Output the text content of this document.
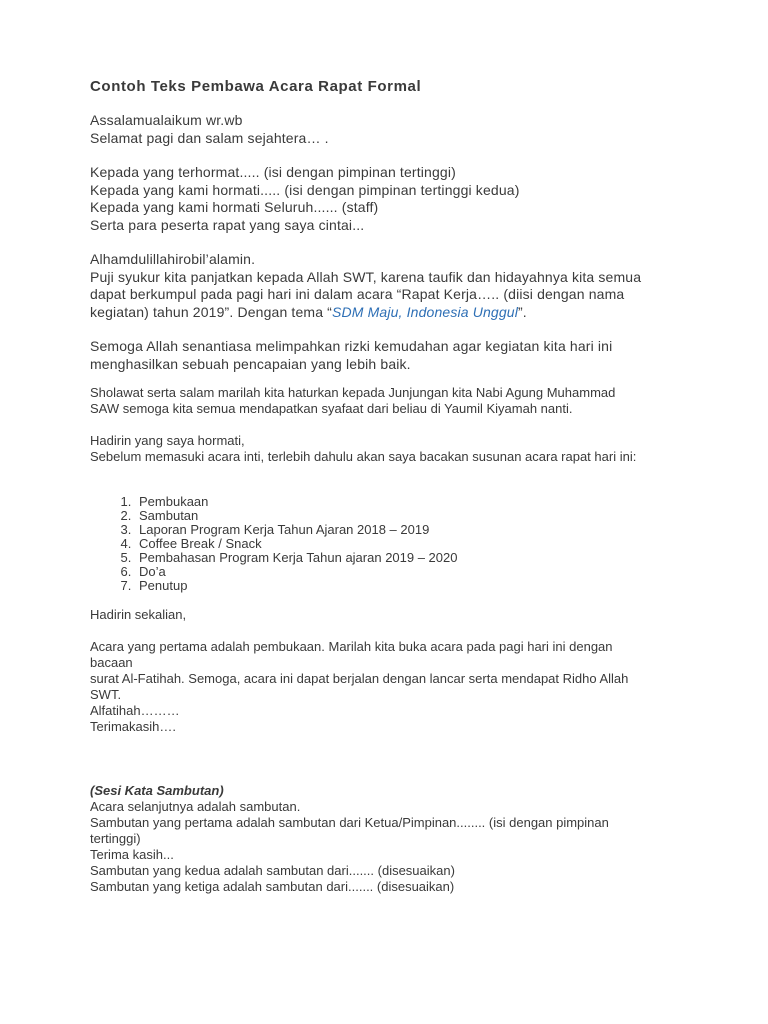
Contoh Teks Pembawa Acara Rapat Formal

Assalamualaikum wr.wb

Selamat pagi dan salam sejahtera… .

Kepada yang terhormat..... (isi dengan pimpinan tertinggi)

Kepada yang kami hormati..... (isi dengan pimpinan tertinggi kedua)

Kepada yang kami hormati Seluruh...... (staff)

Serta para peserta rapat yang saya cintai...

Alhamdulillahirobil’alamin.

Puji syukur kita panjatkan kepada Allah SWT, karena taufik dan hidayahnya kita semua

dapat berkumpul pada pagi hari ini dalam acara “Rapat Kerja….. (diisi dengan nama

kegiatan) tahun 2019”. Dengan tema “SDM Maju, Indonesia Unggul”.

Semoga Allah senantiasa melimpahkan rizki kemudahan agar kegiatan kita hari ini

menghasilkan sebuah pencapaian yang lebih baik.

Sholawat serta salam marilah kita haturkan kepada Junjungan kita Nabi Agung Muhammad

SAW semoga kita semua mendapatkan syafaat dari beliau di Yaumil Kiyamah nanti.

Hadirin yang saya hormati,

Sebelum memasuki acara inti, terlebih dahulu akan saya bacakan susunan acara rapat hari ini:

1. Pembukaan
2. Sambutan
3. Laporan Program Kerja Tahun Ajaran 2018 – 2019
4. Coffee Break / Snack
5. Pembahasan Program Kerja Tahun ajaran 2019 – 2020
6. Do’a
7. Penutup

Hadirin sekalian,

Acara yang pertama adalah pembukaan. Marilah kita buka acara pada pagi hari ini dengan

bacaan

surat Al-Fatihah. Semoga, acara ini dapat berjalan dengan lancar serta mendapat Ridho Allah

SWT.

Alfatihah………

Terimakasih….

(Sesi Kata Sambutan)

Acara selanjutnya adalah sambutan.

Sambutan yang pertama adalah sambutan dari Ketua/Pimpinan........ (isi dengan pimpinan

tertinggi)

Terima kasih...

Sambutan yang kedua adalah sambutan dari....... (disesuaikan)

Sambutan yang ketiga adalah sambutan dari....... (disesuaikan)
